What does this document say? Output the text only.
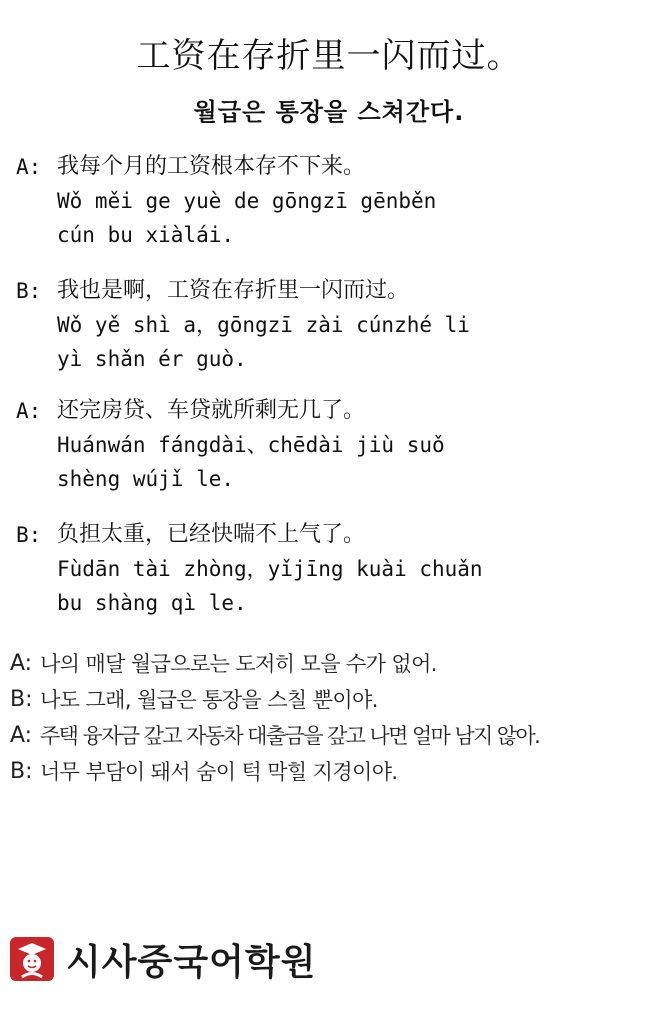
工资在存折里一闪而过。
월급은 통장을 스쳐간다.
A: 我每个月的工资根本存不下来。
Wǒ měi ge yuè de gōngzī gēnběn
cún bu xiàlái.
B: 我也是啊，工资在存折里一闪而过。
Wǒ yě shì a，gōngzī zài cúnzhé li
yì shǎn ér guò.
A: 还完房贷、车贷就所剩无几了。
Huánwán fángdài、chēdài jiù suǒ
shèng wújǐ le.
B: 负担太重，已经快喘不上气了。
Fùdān tài zhòng，yǐjīng kuài chuǎn
bu shàng qì le.
A: 나의 매달 월급으로는 도저히 모을 수가 없어.
B: 나도 그래, 월급은 통장을 스칠 뿐이야.
A: 주택 융자금 갚고 자동차 대출금을 갚고 나면 얼마 남지 않아.
B: 너무 부담이 돼서 숨이 턱 막힐 지경이야.
시사중국어학원
